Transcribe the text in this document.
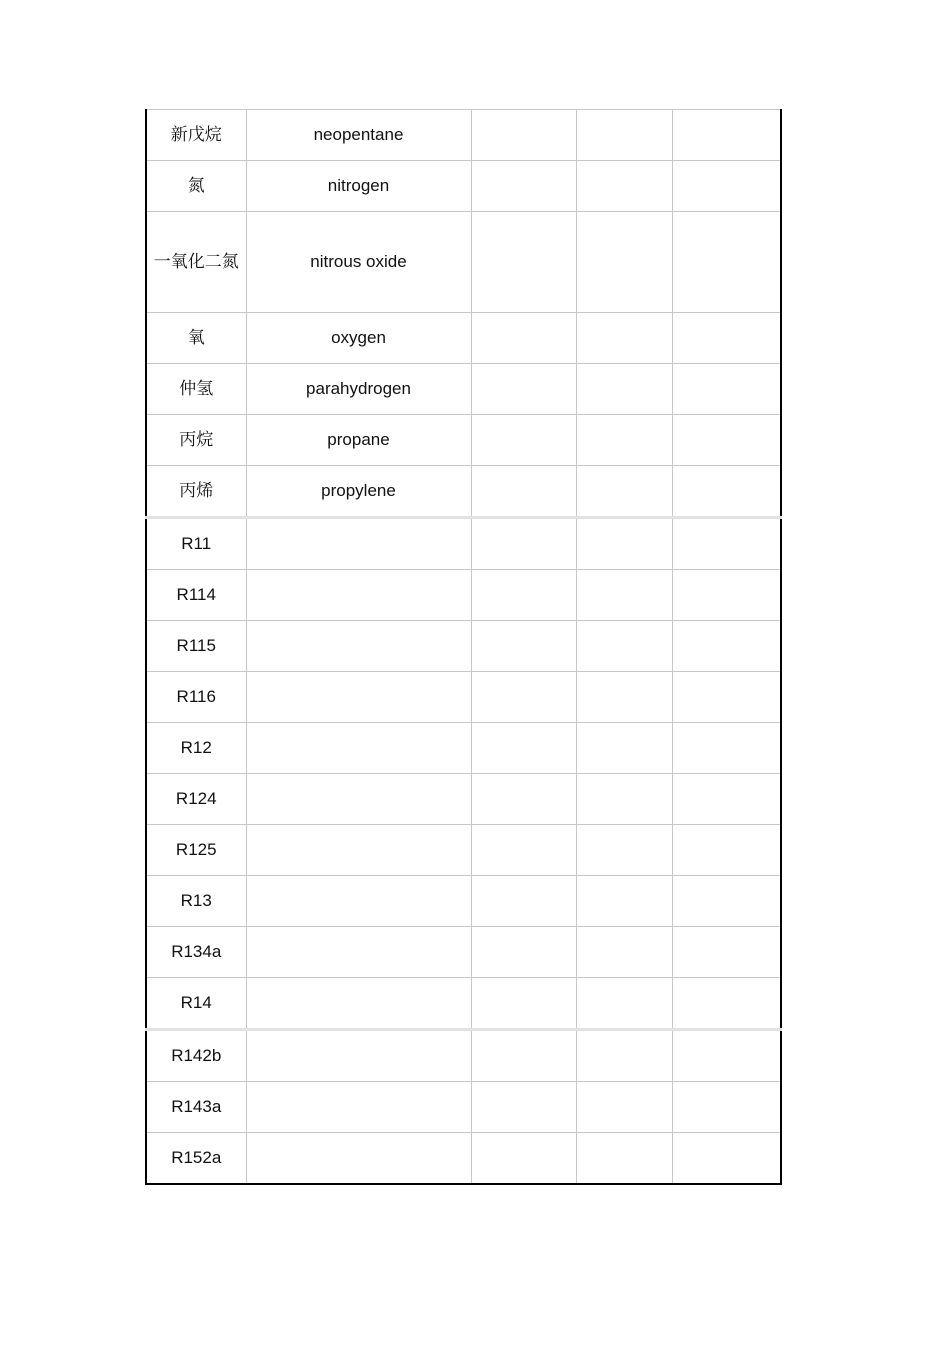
新戊烷	neopentane			
氮	nitrogen			
一氧化二氮	nitrous oxide			
氧	oxygen			
仲氢	parahydrogen			
丙烷	propane			
丙烯	propylene			
R11				
R114				
R115				
R116				
R12				
R124				
R125				
R13				
R134a				
R14				
R142b				
R143a				
R152a				
